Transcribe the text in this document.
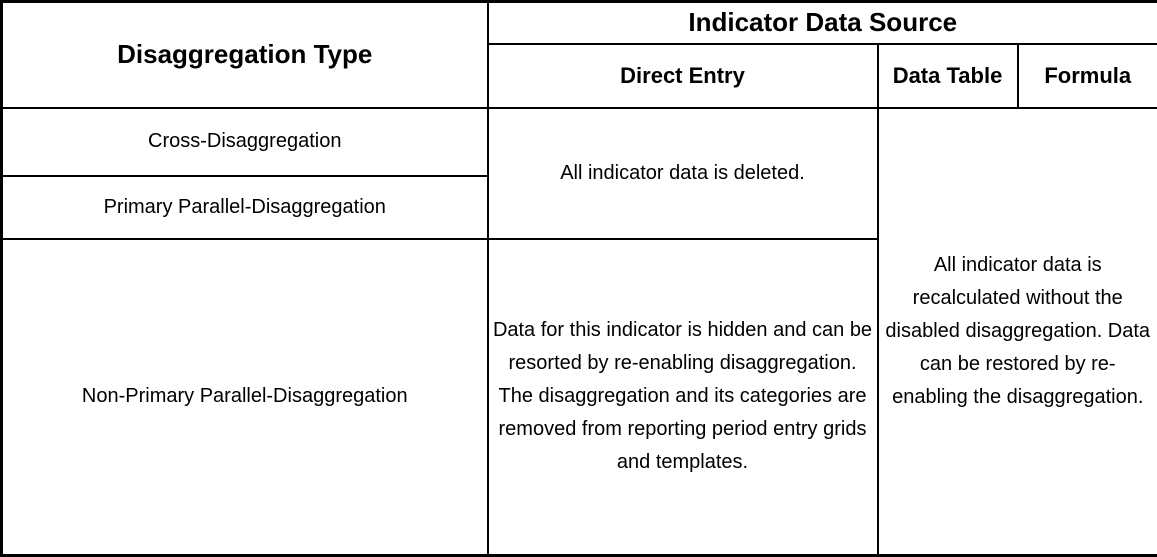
Disaggregation Type	Indicator Data Source		
	Direct Entry	Data Table	Formula
Cross-Disaggregation	All indicator data is deleted.	All indicator data is recalculated without the disabled disaggregation. Data can be restored by re-enabling the disaggregation.	
Primary Parallel-Disaggregation			
Non-Primary Parallel-Disaggregation	Data for this indicator is hidden and can be resorted by re-enabling disaggregation. The disaggregation and its categories are removed from reporting period entry grids and templates.		
